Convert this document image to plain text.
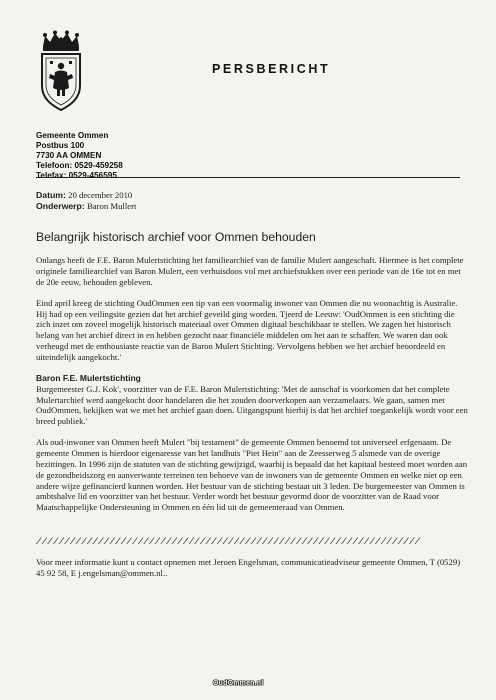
PERSBERICHT
Gemeente Ommen
Postbus 100
7730 AA OMMEN
Telefoon: 0529-459258
Telefax: 0529-456595
Datum: 20 december 2010
Onderwerp: Baron Mullert
Belangrijk historisch archief voor Ommen behouden

Onlangs heeft de F.E. Baron Mulertstichting het familiearchief van de familie Mulert aangeschaft. Hiermee is het complete originele familiearchief van Baron Mulert, een verhuisdoos vol met archiefstukken over een periode van de 16e tot en met de 20e eeuw, behouden gebleven.

Eind april kreeg de stichting OudOmmen een tip van een voormalig inwoner van Ommen die nu woonachtig is Australie. Hij had op een veilingsite gezien dat het archief geveild ging worden. Tjeerd de Leeuw: 'OudOmmen is een stichting die zich inzet om zoveel mogelijk historisch materiaal over Ommen digitaal beschikbaar te stellen. We zagen het historisch belang van het archief direct in en hebben gezocht naar financiële middelen om het aan te schaffen. We waren dan ook verheugd met de enthousiaste reactie van de Baron Mulert Stichting. Vervolgens hebben we het archief beoordeeld en uiteindelijk aangekocht.'

Baron F.E. Mulertstichting

Burgemeester G.J. Kok', voorzitter van de F.E. Baron Mulertstichting: 'Met de aanschaf is voorkomen dat het complete Mulertarchief werd aangekocht door handelaren die het zouden doorverkopen aan verzamelaars. We gaan, samen met OudOmmen, bekijken wat we met het archief gaan doen. Uitgangspunt hierbij is dat het archief toegankelijk wordt voor een breed publiek.'

Als oud-inwoner van Ommen heeft Mulert "bij testament" de gemeente Ommen benoemd tot universeel erfgenaam. De gemeente Ommen is hierdoor eigenaresse van het landhuis "Piet Hein" aan de Zeesserweg 5 alsmede van de overige bezittingen. In 1996 zijn de statuten van de stichting gewijzigd, waarbij is bepaald dat het kapitaal besteed moet worden aan de gezondheidszorg en aanverwante terreinen ten behoeve van de inwoners van de gemeente Ommen en welke niet op een andere wijze gefinancierd kunnen worden. Het bestuur van de stichting bestaat uit 3 leden. De burgemeester van Ommen is ambtshalve lid en voorzitter van het bestuur. Verder wordt het bestuur gevormd door de voorzitter van de Raad voor Maatschappelijke Ondersteuning in Ommen en één lid uit de gemeenteraad van Ommen.

////////////////////////////////////////////////////////////////////
Voor meer informatie kunt u contact opnemen met Jeroen Engelsman, communicatieadviseur gemeente Ommen, T (0529) 45 92 58, E j.engelsman@ommen.nl..
OudOmmen.nl
